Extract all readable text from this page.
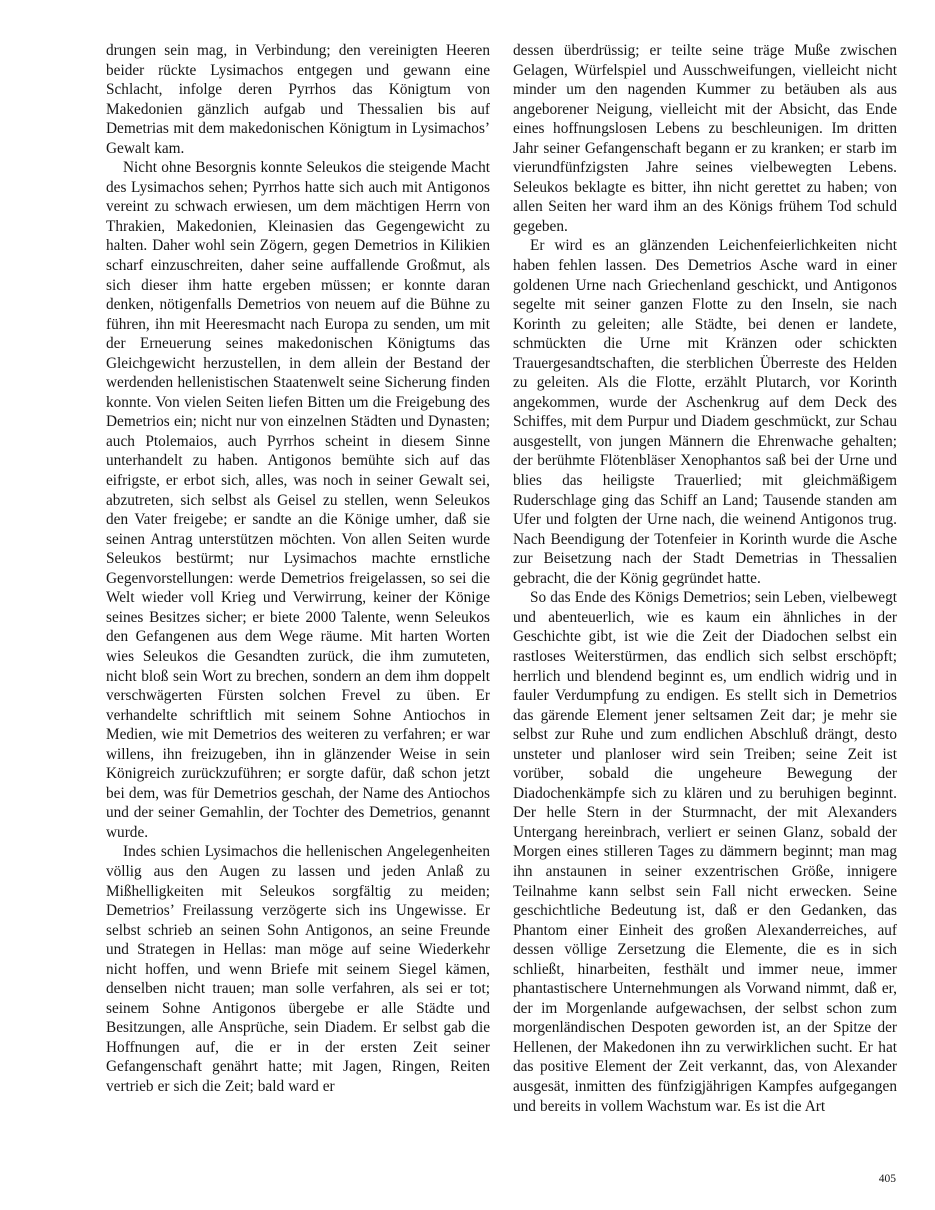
drungen sein mag, in Verbindung; den vereinigten Heeren beider rückte Lysimachos entgegen und gewann eine Schlacht, infolge deren Pyrrhos das Königtum von Makedonien gänzlich aufgab und Thessalien bis auf Demetrias mit dem makedonischen Königtum in Lysimachos’ Gewalt kam.

Nicht ohne Besorgnis konnte Seleukos die steigende Macht des Lysimachos sehen; Pyrrhos hatte sich auch mit Antigonos vereint zu schwach erwiesen, um dem mächtigen Herrn von Thrakien, Makedonien, Kleinasien das Gegengewicht zu halten. Daher wohl sein Zögern, gegen Demetrios in Kilikien scharf einzuschreiten, daher seine auffallende Großmut, als sich dieser ihm hatte ergeben müssen; er konnte daran denken, nötigenfalls Demetrios von neuem auf die Bühne zu führen, ihn mit Heeresmacht nach Europa zu senden, um mit der Erneuerung seines makedonischen Königtums das Gleichgewicht herzustellen, in dem allein der Bestand der werdenden hellenistischen Staatenwelt seine Sicherung finden konnte. Von vielen Seiten liefen Bitten um die Freigebung des Demetrios ein; nicht nur von einzelnen Städten und Dynasten; auch Ptolemaios, auch Pyrrhos scheint in diesem Sinne unterhandelt zu haben. Antigonos bemühte sich auf das eifrigste, er erbot sich, alles, was noch in seiner Gewalt sei, abzutreten, sich selbst als Geisel zu stellen, wenn Seleukos den Vater freigebe; er sandte an die Könige umher, daß sie seinen Antrag unterstützen möchten. Von allen Seiten wurde Seleukos bestürmt; nur Lysimachos machte ernstliche Gegenvorstellungen: werde Demetrios freigelassen, so sei die Welt wieder voll Krieg und Verwirrung, keiner der Könige seines Besitzes sicher; er biete 2000 Talente, wenn Seleukos den Gefangenen aus dem Wege räume. Mit harten Worten wies Seleukos die Gesandten zurück, die ihm zumuteten, nicht bloß sein Wort zu brechen, sondern an dem ihm doppelt verschwägerten Fürsten solchen Frevel zu üben. Er verhandelte schriftlich mit seinem Sohne Antiochos in Medien, wie mit Demetrios des weiteren zu verfahren; er war willens, ihn freizugeben, ihn in glänzender Weise in sein Königreich zurückzuführen; er sorgte dafür, daß schon jetzt bei dem, was für Demetrios geschah, der Name des Antiochos und der seiner Gemahlin, der Tochter des Demetrios, genannt wurde.

Indes schien Lysimachos die hellenischen Angelegenheiten völlig aus den Augen zu lassen und jeden Anlaß zu Mißhelligkeiten mit Seleukos sorgfältig zu meiden; Demetrios’ Freilassung verzögerte sich ins Ungewisse. Er selbst schrieb an seinen Sohn Antigonos, an seine Freunde und Strategen in Hellas: man möge auf seine Wiederkehr nicht hoffen, und wenn Briefe mit seinem Siegel kämen, denselben nicht trauen; man solle verfahren, als sei er tot; seinem Sohne Antigonos übergebe er alle Städte und Besitzungen, alle Ansprüche, sein Diadem. Er selbst gab die Hoffnungen auf, die er in der ersten Zeit seiner Gefangenschaft genährt hatte; mit Jagen, Ringen, Reiten vertrieb er sich die Zeit; bald ward er

dessen überdrüssig; er teilte seine träge Muße zwischen Gelagen, Würfelspiel und Ausschweifungen, vielleicht nicht minder um den nagenden Kummer zu betäuben als aus angeborener Neigung, vielleicht mit der Absicht, das Ende eines hoffnungslosen Lebens zu beschleunigen. Im dritten Jahr seiner Gefangenschaft begann er zu kranken; er starb im vierundfünfzigsten Jahre seines vielbewegten Lebens. Seleukos beklagte es bitter, ihn nicht gerettet zu haben; von allen Seiten her ward ihm an des Königs frühem Tod schuld gegeben.

Er wird es an glänzenden Leichenfeierlichkeiten nicht haben fehlen lassen. Des Demetrios Asche ward in einer goldenen Urne nach Griechenland geschickt, und Antigonos segelte mit seiner ganzen Flotte zu den Inseln, sie nach Korinth zu geleiten; alle Städte, bei denen er landete, schmückten die Urne mit Kränzen oder schickten Trauergesandtschaften, die sterblichen Überreste des Helden zu geleiten. Als die Flotte, erzählt Plutarch, vor Korinth angekommen, wurde der Aschenkrug auf dem Deck des Schiffes, mit dem Purpur und Diadem geschmückt, zur Schau ausgestellt, von jungen Männern die Ehrenwache gehalten; der berühmte Flötenbläser Xenophantos saß bei der Urne und blies das heiligste Trauerlied; mit gleichmäßigem Ruderschlage ging das Schiff an Land; Tausende standen am Ufer und folgten der Urne nach, die weinend Antigonos trug. Nach Beendigung der Totenfeier in Korinth wurde die Asche zur Beisetzung nach der Stadt Demetrias in Thessalien gebracht, die der König gegründet hatte.

So das Ende des Königs Demetrios; sein Leben, vielbewegt und abenteuerlich, wie es kaum ein ähnliches in der Geschichte gibt, ist wie die Zeit der Diadochen selbst ein rastloses Weiterstürmen, das endlich sich selbst erschöpft; herrlich und blendend beginnt es, um endlich widrig und in fauler Verdumpfung zu endigen. Es stellt sich in Demetrios das gärende Element jener seltsamen Zeit dar; je mehr sie selbst zur Ruhe und zum endlichen Abschluß drängt, desto unsteter und planloser wird sein Treiben; seine Zeit ist vorüber, sobald die ungeheure Bewegung der Diadochenkämpfe sich zu klären und zu beruhigen beginnt. Der helle Stern in der Sturmnacht, der mit Alexanders Untergang hereinbrach, verliert er seinen Glanz, sobald der Morgen eines stilleren Tages zu dämmern beginnt; man mag ihn anstaunen in seiner exzentrischen Größe, innigere Teilnahme kann selbst sein Fall nicht erwecken. Seine geschichtliche Bedeutung ist, daß er den Gedanken, das Phantom einer Einheit des großen Alexanderreiches, auf dessen völlige Zersetzung die Elemente, die es in sich schließt, hinarbeiten, festhält und immer neue, immer phantastischere Unternehmungen als Vorwand nimmt, daß er, der im Morgenlande aufgewachsen, der selbst schon zum morgenländischen Despoten geworden ist, an der Spitze der Hellenen, der Makedonen ihn zu verwirklichen sucht. Er hat das positive Element der Zeit verkannt, das, von Alexander ausgesät, inmitten des fünfzigjährigen Kampfes aufgegangen und bereits in vollem Wachstum war. Es ist die Art

405
